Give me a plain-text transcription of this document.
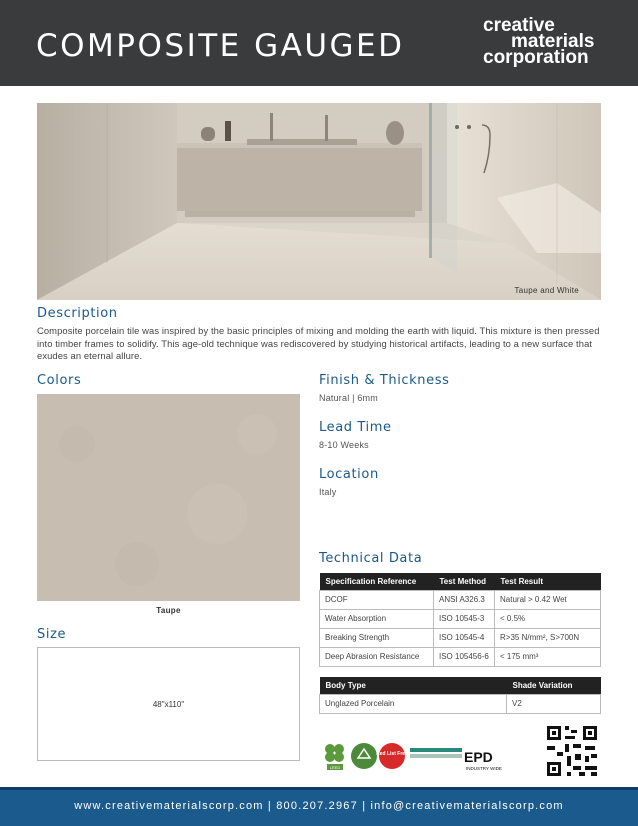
COMPOSITE GAUGED
creative
materials
corporation
Taupe and White
Description
Composite porcelain tile was inspired by the basic principles of mixing and molding the earth with liquid. This mixture is then pressed into timber frames to solidify. This age-old technique was rediscovered by studying historical artifacts, leading to a new surface that exudes an eternal allure.
Colors
Taupe
Size
48"x110"
Finish & Thickness
Natural | 6mm
Lead Time
8-10 Weeks
Location
Italy
Technical Data
Specification Reference	Test Method	Test Result
DCOF	ANSI A326.3	Natural > 0.42 Wet
Water Absorption	ISO 10545-3	< 0.5%
Breaking Strength	ISO 10545-4	R>35 N/mm², S>700N
Deep Abrasion Resistance	ISO 105456-6	< 175 mm³
Body Type	Shade Variation
Unglazed Porcelain	V2
LEED
Red List Free	EPD
INDUSTRY WIDE
www.creativematerialscorp.com | 800.207.2967 | info@creativematerialscorp.com
